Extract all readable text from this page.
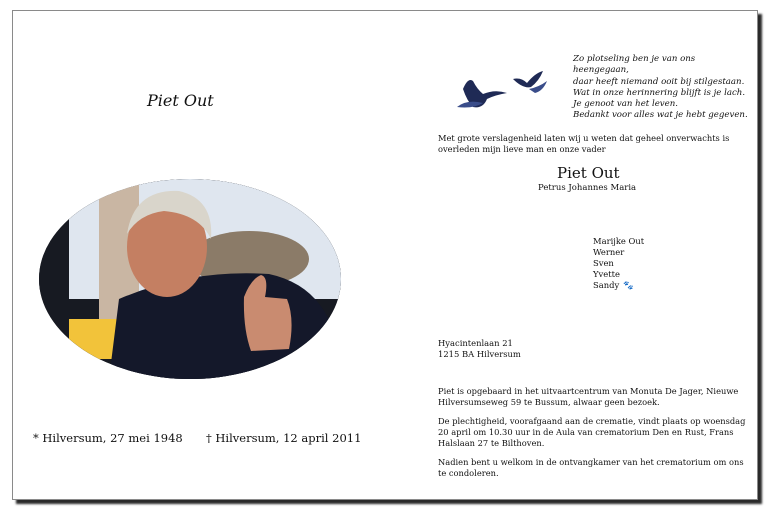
Piet Out
* Hilversum, 27 mei 1948 † Hilversum, 12 april 2011
Zo plotseling ben je van ons heengegaan,
daar heeft niemand ooit bij stilgestaan.
Wat in onze herinnering blijft is je lach.
Je genoot van het leven.
Bedankt voor alles wat je hebt gegeven.
Met grote verslagenheid laten wij u weten dat geheel onverwachts is overleden mijn lieve man en onze vader
Piet Out
Petrus Johannes Maria
Marijke Out
Werner
Sven
Yvette
Sandy 🐾
Hyacintenlaan 21
1215 BA Hilversum
Piet is opgebaard in het uitvaartcentrum van Monuta De Jager, Nieuwe Hilversumseweg 59 te Bussum, alwaar geen bezoek.
De plechtigheid, voorafgaand aan de crematie, vindt plaats op woensdag 20 april om 10.30 uur in de Aula van crematorium Den en Rust, Frans Halslaan 27 te Bilthoven.
Nadien bent u welkom in de ontvangkamer van het crematorium om ons te condoleren.
